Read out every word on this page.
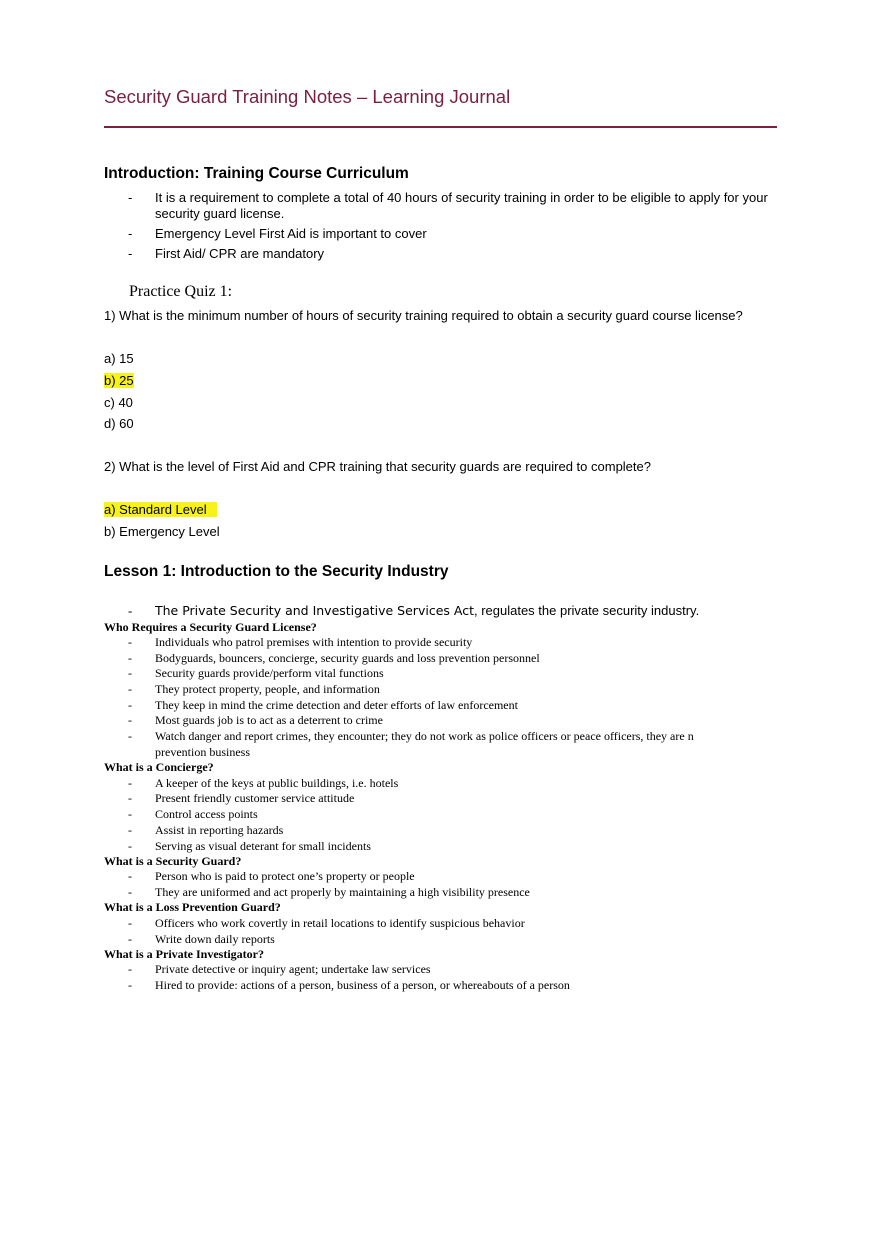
Security Guard Training Notes – Learning Journal
Introduction: Training Course Curriculum
- It is a requirement to complete a total of 40 hours of security training in order to be eligible to apply for your security guard license.
- Emergency Level First Aid is important to cover
- First Aid/ CPR are mandatory
Practice Quiz 1:
1) What is the minimum number of hours of security training required to obtain a security guard course license?
a) 15
b) 25
c) 40
d) 60
2) What is the level of First Aid and CPR training that security guards are required to complete?
a) Standard Level
b) Emergency Level
Lesson 1: Introduction to the Security Industry
- The Private Security and Investigative Services Act, regulates the private security industry.
Who Requires a Security Guard License?
- Individuals who patrol premises with intention to provide security
- Bodyguards, bouncers, concierge, security guards and loss prevention personnel
- Security guards provide/perform vital functions
- They protect property, people, and information
- They keep in mind the crime detection and deter efforts of law enforcement
- Most guards job is to act as a deterrent to crime
- Watch danger and report crimes, they encounter; they do not work as police officers or peace officers, they are n prevention business
What is a Concierge?
- A keeper of the keys at public buildings, i.e. hotels
- Present friendly customer service attitude
- Control access points
- Assist in reporting hazards
- Serving as visual deterant for small incidents
What is a Security Guard?
- Person who is paid to protect one’s property or people
- They are uniformed and act properly by maintaining a high visibility presence
What is a Loss Prevention Guard?
- Officers who work covertly in retail locations to identify suspicious behavior
- Write down daily reports
What is a Private Investigator?
- Private detective or inquiry agent; undertake law services
- Hired to provide: actions of a person, business of a person, or whereabouts of a person
